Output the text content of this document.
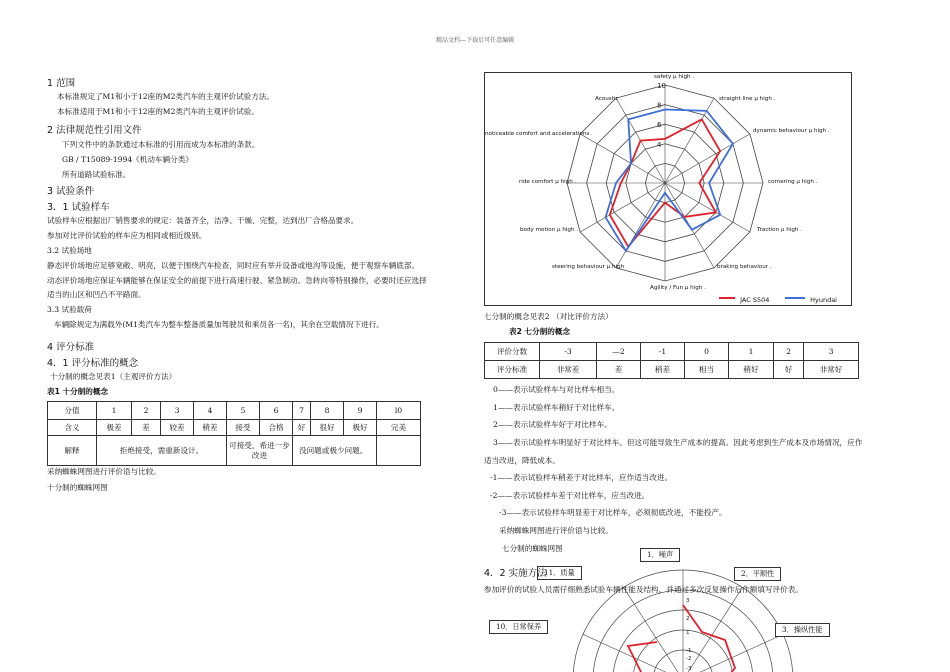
精品文档---下载后可任意编辑
1 范围
本标准规定了M1和小于12座的M2类汽车的主观评价试验方法。
本标准适用于M1和小于12座的M2类汽车的主观评价试验。
2 法律规范性引用文件
下列文件中的条款通过本标准的引用而成为本标准的条款。
GB / T15089-1994《机动车辆分类》
所有道路试验标准。
3 试验条件
3．1 试验样车
试验样车应根据出厂销售要求的规定：装备齐全，洁净、干燥、完整，达到出厂合格品要求。
参加对比评价试验的样车应为相同或相近级别。
3.2 试验场地
静态评价场地应足够宽敞、明亮，以便于围绕汽车检查，同时应有举升设备或地沟等设施，便于观察车辆底部。
动态评价场地应保证车辆能够在保证安全的前提下进行高速行驶、紧急制动、急转向等特别操作，必要时还应选择
适当的山区和凹凸不平路面。
3.3 试验载荷
车辆除规定为满载外(M1类汽车为整车整备质量加驾驶员和乘员各一名)，其余在空载情况下进行。
4 评分标准
4．1 评分标准的概念
十分制的概念见表1（主观评价方法）
表1 十分制的概念
分值	1	2	3	4	5	6	7	8	9	l0
含义	极差	差	较差	稍差	接受	合格	好	很好	极好	完美
解释	拒绝接受，需重新设计。				可接受，希进一步改进		没问题或极少问题。			
采纳蜘蛛网图进行评价语与比较。
十分制的蜘蛛网图
10
8
6
4
safety μ high .
straight line μ high .
dynamic behaviour μ high .
cornering μ high .
Traction μ high .
braking behaviour .
Agility / Fun μ high .
steering behaviour μ high
body motion μ high .
ride comfort μ high .
noticeable comfort and accelerations .
Acoustic .
JAC S504	Hyundai
七分制的概念见表2 （对比评价方法）
表2 七分制的概念
评价分数	-3	—2	-1	0	1	2	3
评分标准	非常差	差	稍差	相当	稍好	好	非常好
0——表示试验样车与对比样车相当。
1——表示试验样车稍好于对比样车。
2——表示试验样车好于对比样车。
3——表示试验样车明显好于对比样车。但这可能导致生产成本的提高。因此考虑到生产成本及市场情况，应作
适当改进，降低成本。
-1——表示试验样车稍差于对比样车，应作适当改进。
-2——表示试验样车差于对比样车，应当改进。
-3——表示试验样车明显差于对比样车，必须彻底改进，不能投产。
采纳蜘蛛网图进行评价语与比较。
七分制的蜘蛛网图
3
2
1
-1
-2
-3
4．2 实施方法
参加评价的试验人员需仔细熟悉试验车辆性能及结构，并通过多次反复操作后作额填写评价表。
1．噪声
11．质量	2．平顺性
10．日常保养	3．操纵性能
